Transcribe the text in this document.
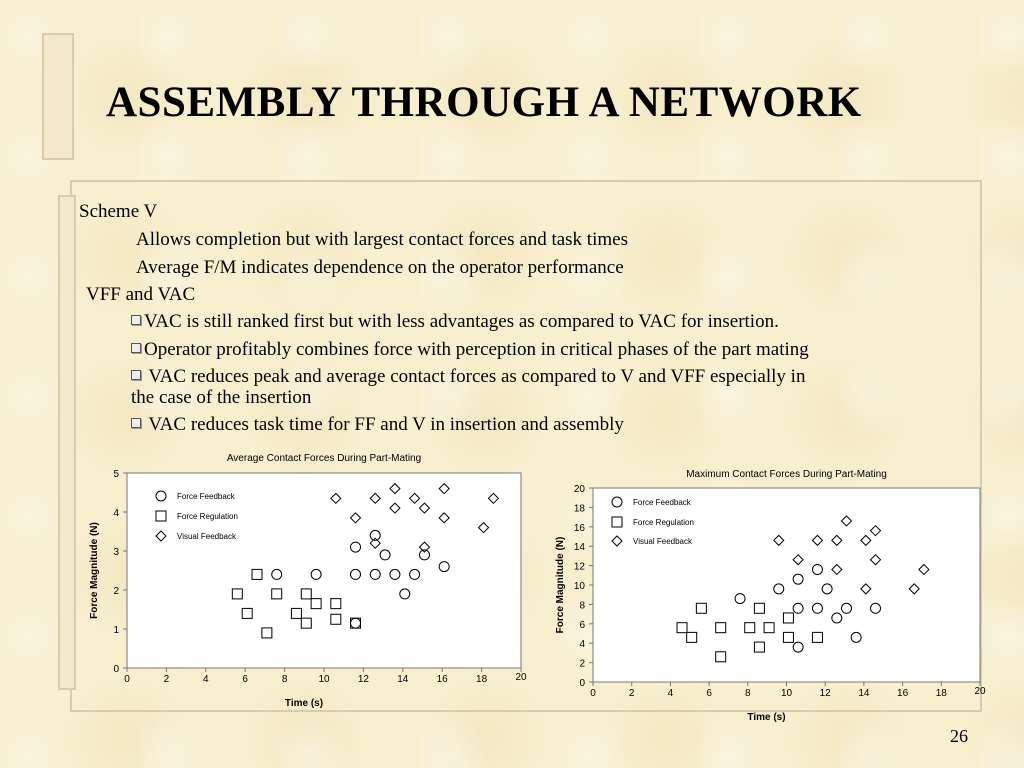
ASSEMBLY THROUGH A NETWORK
Scheme V
Allows completion but with largest contact forces and task times
Average F/M indicates dependence on the operator performance
VFF and VAC
VAC is still ranked first but with less advantages as compared to VAC for insertion.
Operator profitably combines force with perception in critical phases of the part mating
VAC reduces peak and average contact forces as compared to V and VFF especially in
the case of the insertion
VAC reduces task time for FF and V in insertion and assembly
Average Contact Forces During Part-Mating
0	2	4	6	8	10	12	14	16	18	20
0
1
2
3
4
5
Time (s)
Force Magnitude (N)
Force Feedback
Force Regulation
Visual Feedback
Maximum Contact Forces During Part-Mating
0	2	4	6	8	10	12	14	16	18	20
0
2
4
6
8
10
12
14
16
18
20
Time (s)
Force Magnitude (N)
Force Feedback
Force Regulation
Visual Feedback
26
